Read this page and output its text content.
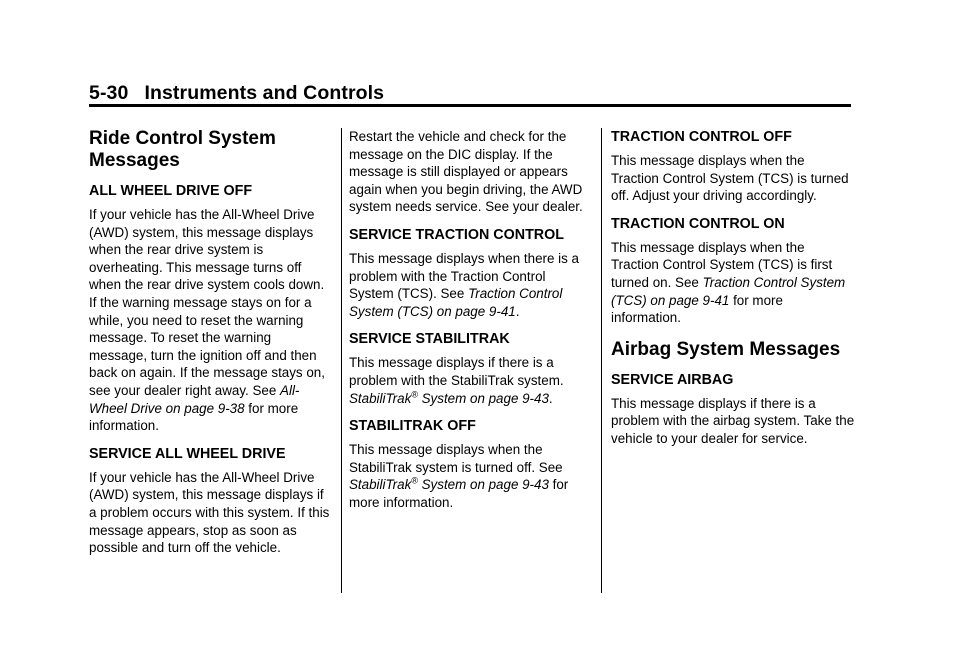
5-30 Instruments and Controls
Ride Control System Messages
ALL WHEEL DRIVE OFF

If your vehicle has the All-Wheel Drive (AWD) system, this message displays when the rear drive system is overheating. This message turns off when the rear drive system cools down. If the warning message stays on for a while, you need to reset the warning message. To reset the warning message, turn the ignition off and then back on again. If the message stays on, see your dealer right away. See All-Wheel Drive on page 9-38 for more information.

SERVICE ALL WHEEL DRIVE

If your vehicle has the All-Wheel Drive (AWD) system, this message displays if a problem occurs with this system. If this message appears, stop as soon as possible and turn off the vehicle.

Restart the vehicle and check for the message on the DIC display. If the message is still displayed or appears again when you begin driving, the AWD system needs service. See your dealer.

SERVICE TRACTION CONTROL

This message displays when there is a problem with the Traction Control System (TCS). See Traction Control System (TCS) on page 9-41.

SERVICE STABILITRAK

This message displays if there is a problem with the StabiliTrak system. StabiliTrak® System on page 9-43.

STABILITRAK OFF

This message displays when the StabiliTrak system is turned off. See StabiliTrak® System on page 9-43 for more information.

TRACTION CONTROL OFF

This message displays when the Traction Control System (TCS) is turned off. Adjust your driving accordingly.

TRACTION CONTROL ON

This message displays when the Traction Control System (TCS) is first turned on. See Traction Control System (TCS) on page 9-41 for more information.

Airbag System Messages
SERVICE AIRBAG

This message displays if there is a problem with the airbag system. Take the vehicle to your dealer for service.
